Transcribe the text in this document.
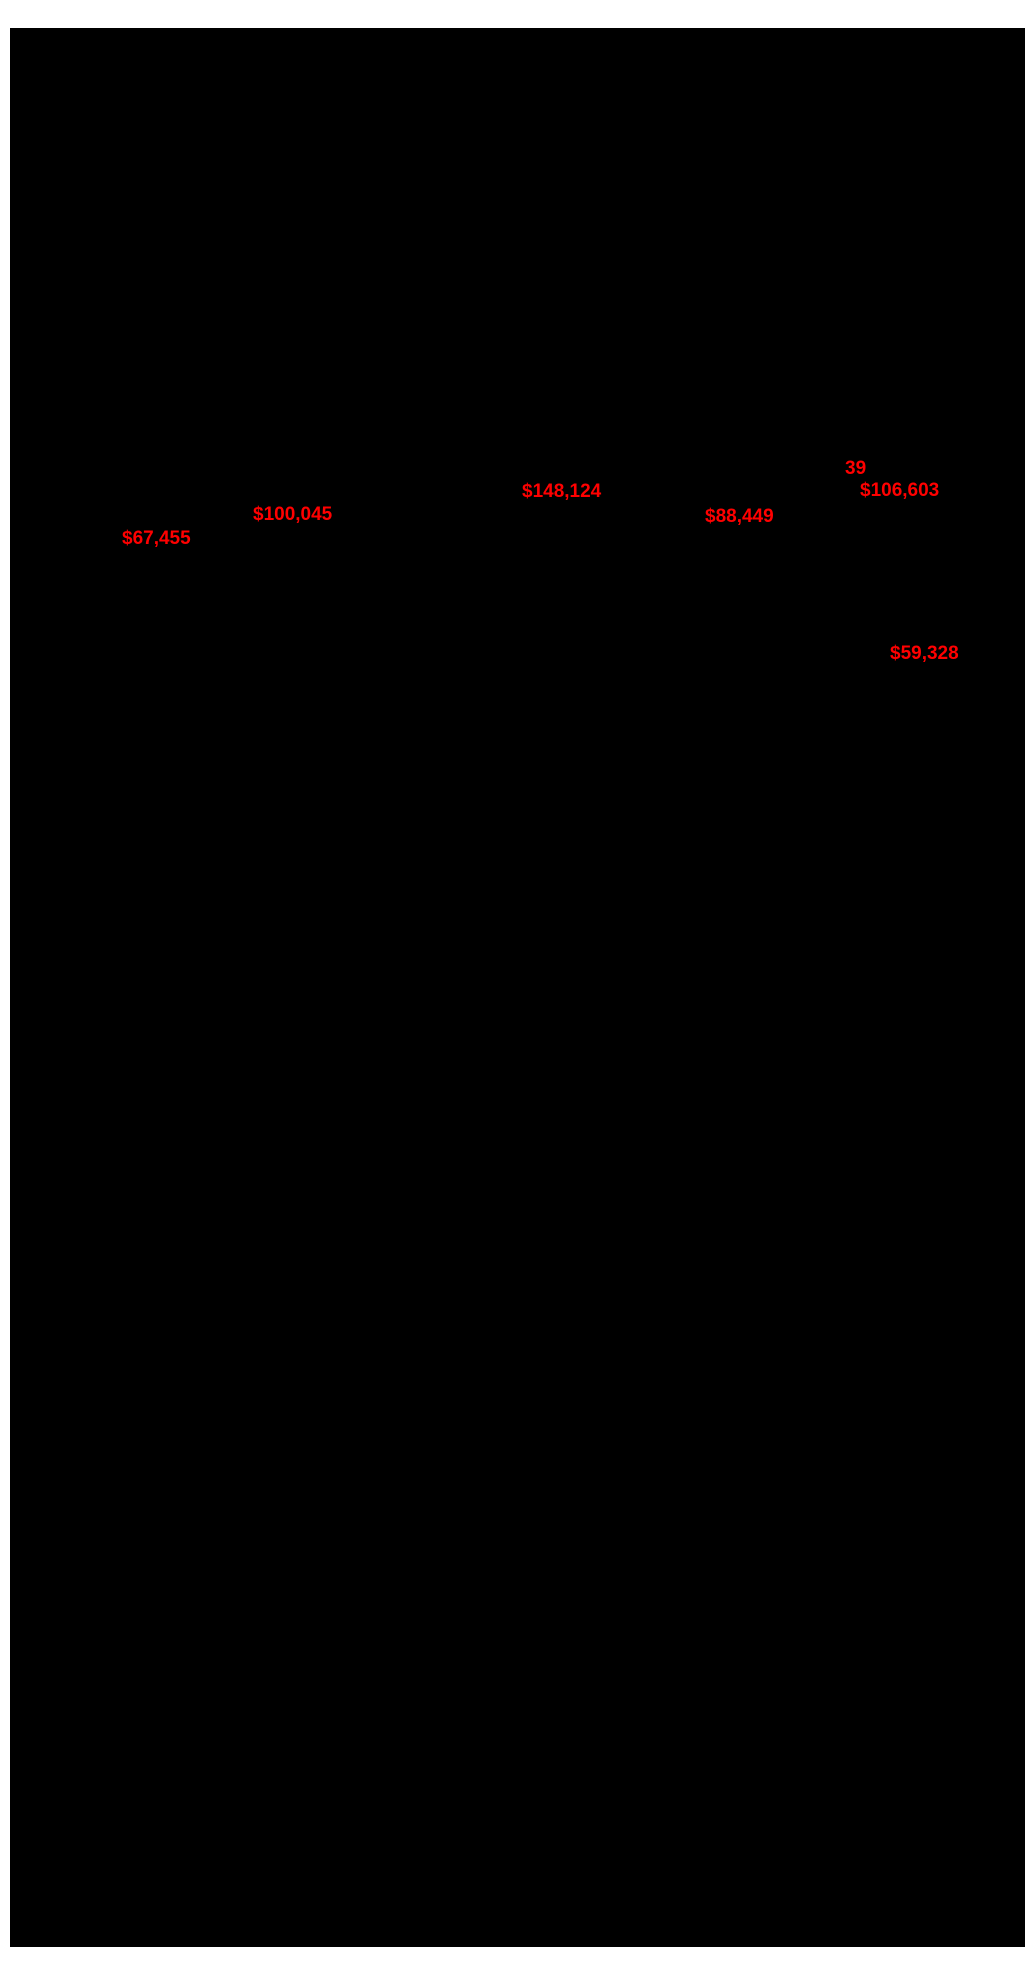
$67,455
$100,045
$148,124
$88,449
39
$106,603
$59,328
